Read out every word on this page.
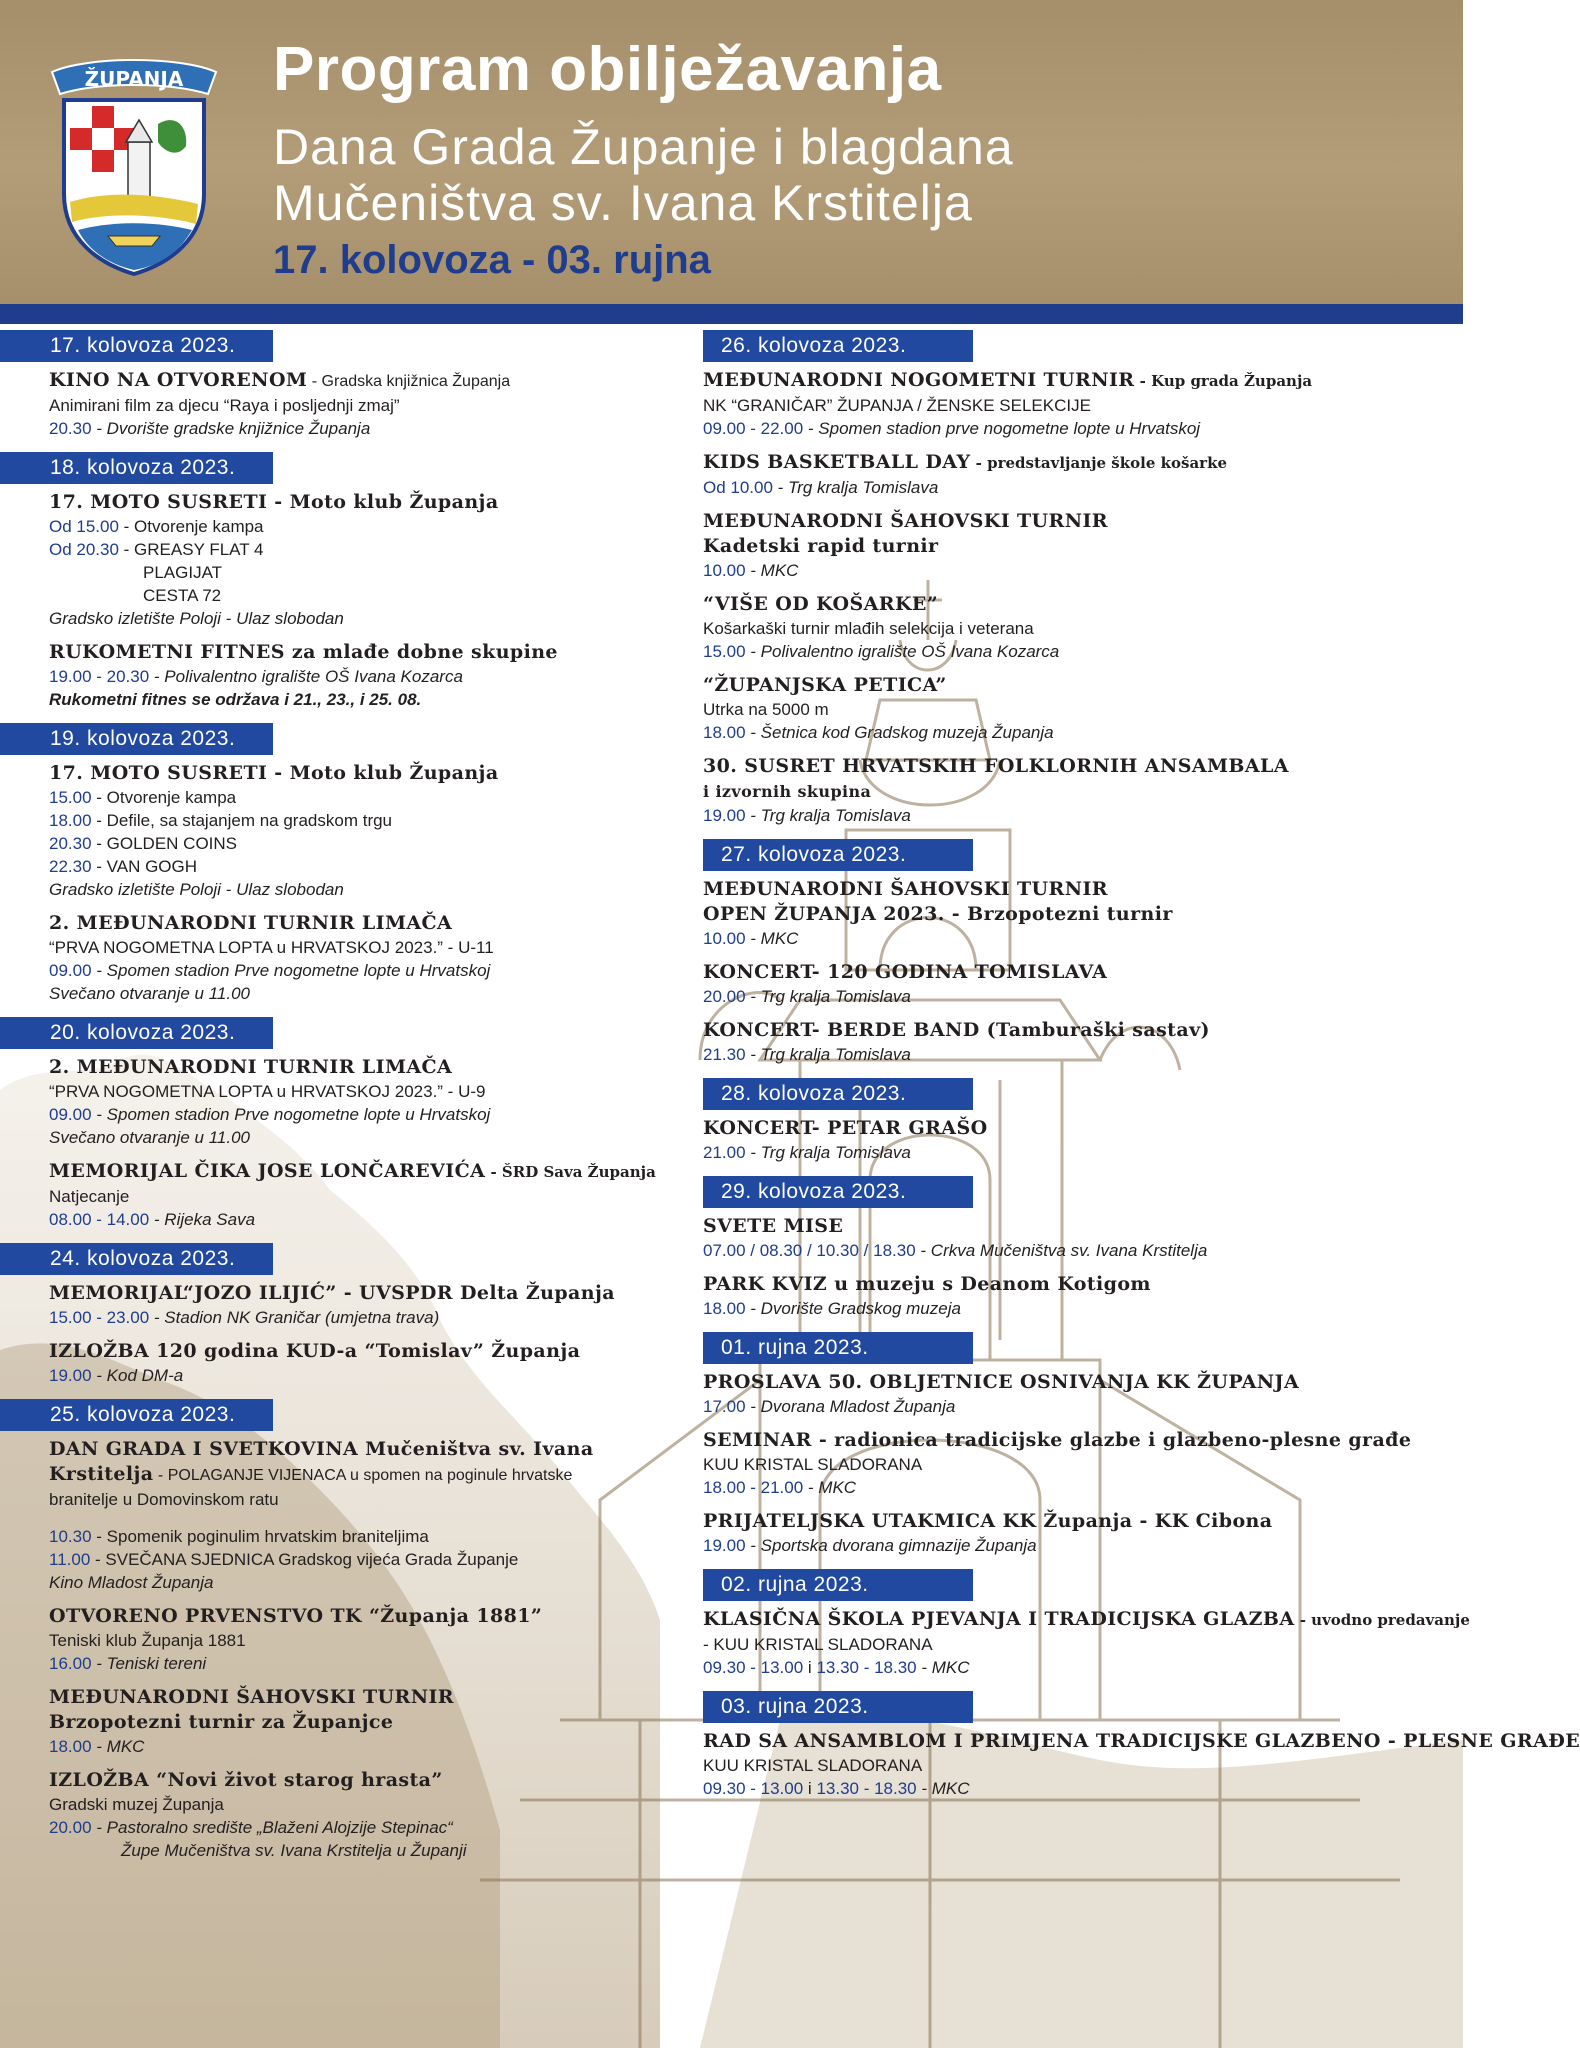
ŽUPANJA Program obilježavanja
Dana Grada Županje i blagdana
Mučeništva sv. Ivana Krstitelja
17. kolovoza - 03. rujna
17. kolovoza 2023.
KINO NA OTVORENOM - Gradska knjižnica Županja
Animirani film za djecu “Raya i posljednji zmaj”
20.30 - Dvorište gradske knjižnice Županja
18. kolovoza 2023.
17. MOTO SUSRETI - Moto klub Županja
Od 15.00 - Otvorenje kampa
Od 20.30 - GREASY FLAT 4
PLAGIJAT
CESTA 72
Gradsko izletište Poloji - Ulaz slobodan
RUKOMETNI FITNES za mlađe dobne skupine
19.00 - 20.30 - Polivalentno igralište OŠ Ivana Kozarca
Rukometni fitnes se održava i 21., 23., i 25. 08.
19. kolovoza 2023.
17. MOTO SUSRETI - Moto klub Županja
15.00 - Otvorenje kampa
18.00 - Defile, sa stajanjem na gradskom trgu
20.30 - GOLDEN COINS
22.30 - VAN GOGH
Gradsko izletište Poloji - Ulaz slobodan
2. MEĐUNARODNI TURNIR LIMAČA
“PRVA NOGOMETNA LOPTA u HRVATSKOJ 2023.” - U-11
09.00 - Spomen stadion Prve nogometne lopte u Hrvatskoj
Svečano otvaranje u 11.00
20. kolovoza 2023.
2. MEĐUNARODNI TURNIR LIMAČA
“PRVA NOGOMETNA LOPTA u HRVATSKOJ 2023.” - U-9
09.00 - Spomen stadion Prve nogometne lopte u Hrvatskoj
Svečano otvaranje u 11.00
MEMORIJAL ČIKA JOSE LONČAREVIĆA - ŠRD Sava Županja
Natjecanje
08.00 - 14.00 - Rijeka Sava
24. kolovoza 2023.
MEMORIJAL“JOZO ILIJIĆ” - UVSPDR Delta Županja
15.00 - 23.00 - Stadion NK Graničar (umjetna trava)
IZLOŽBA 120 godina KUD-a “Tomislav” Županja
19.00 - Kod DM-a
25. kolovoza 2023.
DAN GRADA I SVETKOVINA Mučeništva sv. Ivana
Krstitelja - POLAGANJE VIJENACA u spomen na poginule hrvatske
branitelje u Domovinskom ratu
10.30 - Spomenik poginulim hrvatskim braniteljima
11.00 - SVEČANA SJEDNICA Gradskog vijeća Grada Županje
Kino Mladost Županja
OTVORENO PRVENSTVO TK “Županja 1881”
Teniski klub Županja 1881
16.00 - Teniski tereni
MEĐUNARODNI ŠAHOVSKI TURNIR
Brzopotezni turnir za Županjce
18.00 - MKC
IZLOŽBA “Novi život starog hrasta”
Gradski muzej Županja
20.00 - Pastoralno središte „Blaženi Alojzije Stepinac“
Župe Mučeništva sv. Ivana Krstitelja u Županji
26. kolovoza 2023.
MEĐUNARODNI NOGOMETNI TURNIR - Kup grada Županja
NK “GRANIČAR” ŽUPANJA / ŽENSKE SELEKCIJE
09.00 - 22.00 - Spomen stadion prve nogometne lopte u Hrvatskoj
KIDS BASKETBALL DAY - predstavljanje škole košarke
Od 10.00 - Trg kralja Tomislava
MEĐUNARODNI ŠAHOVSKI TURNIR
Kadetski rapid turnir
10.00 - MKC
“VIŠE OD KOŠARKE”
Košarkaški turnir mlađih selekcija i veterana
15.00 - Polivalentno igralište OŠ Ivana Kozarca
“ŽUPANJSKA PETICA”
Utrka na 5000 m
18.00 - Šetnica kod Gradskog muzeja Županja
30. SUSRET HRVATSKIH FOLKLORNIH ANSAMBALA
i izvornih skupina
19.00 - Trg kralja Tomislava
27. kolovoza 2023.
MEĐUNARODNI ŠAHOVSKI TURNIR
OPEN ŽUPANJA 2023. - Brzopotezni turnir
10.00 - MKC
KONCERT- 120 GODINA TOMISLAVA
20.00 - Trg kralja Tomislava
KONCERT- BERDE BAND (Tamburaški sastav)
21.30 - Trg kralja Tomislava
28. kolovoza 2023.
KONCERT- PETAR GRAŠO
21.00 - Trg kralja Tomislava
29. kolovoza 2023.
SVETE MISE
07.00 / 08.30 / 10.30 / 18.30 - Crkva Mučeništva sv. Ivana Krstitelja
PARK KVIZ u muzeju s Deanom Kotigom
18.00 - Dvorište Gradskog muzeja
01. rujna 2023.
PROSLAVA 50. OBLJETNICE OSNIVANJA KK ŽUPANJA
17.00 - Dvorana Mladost Županja
SEMINAR - radionica tradicijske glazbe i glazbeno-plesne građe
KUU KRISTAL SLADORANA
18.00 - 21.00 - MKC
PRIJATELJSKA UTAKMICA KK Županja - KK Cibona
19.00 - Sportska dvorana gimnazije Županja
02. rujna 2023.
KLASIČNA ŠKOLA PJEVANJA I TRADICIJSKA GLAZBA - uvodno predavanje
- KUU KRISTAL SLADORANA
09.30 - 13.00 i 13.30 - 18.30 - MKC
03. rujna 2023.
RAD SA ANSAMBLOM I PRIMJENA TRADICIJSKE GLAZBENO - PLESNE GRAĐE
KUU KRISTAL SLADORANA
09.30 - 13.00 i 13.30 - 18.30 - MKC
